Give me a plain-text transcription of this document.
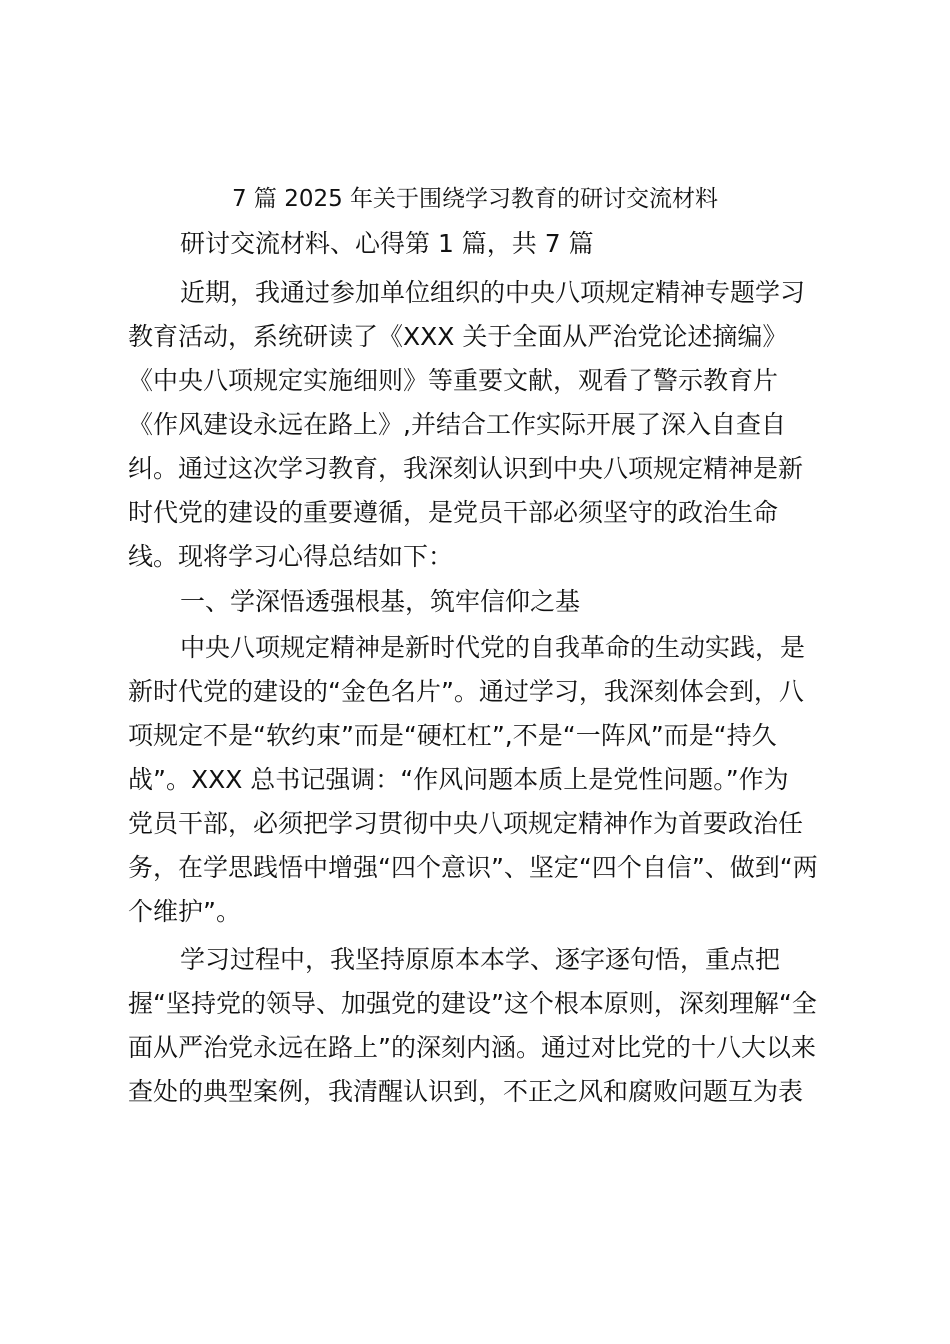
7 篇 2025 年关于围绕学习教育的研讨交流材料

研讨交流材料、心得第 1 篇，共 7 篇

近期，我通过参加单位组织的中央八项规定精神专题学习
教育活动，系统研读了《XXX 关于全面从严治党论述摘编》
《中央八项规定实施细则》等重要文献，观看了警示教育片
《作风建设永远在路上》,并结合工作实际开展了深入自查自
纠。通过这次学习教育，我深刻认识到中央八项规定精神是新
时代党的建设的重要遵循，是党员干部必须坚守的政治生命
线。现将学习心得总结如下：

一、学深悟透强根基，筑牢信仰之基

中央八项规定精神是新时代党的自我革命的生动实践，是
新时代党的建设的“金色名片”。通过学习，我深刻体会到，八
项规定不是“软约束”而是“硬杠杠”,不是“一阵风”而是“持久
战”。XXX 总书记强调：“作风问题本质上是党性问题。”作为
党员干部，必须把学习贯彻中央八项规定精神作为首要政治任
务，在学思践悟中增强“四个意识”、坚定“四个自信”、做到“两
个维护”。

学习过程中，我坚持原原本本学、逐字逐句悟，重点把
握“坚持党的领导、加强党的建设”这个根本原则，深刻理解“全
面从严治党永远在路上”的深刻内涵。通过对比党的十八大以来
查处的典型案例，我清醒认识到，不正之风和腐败问题互为表
